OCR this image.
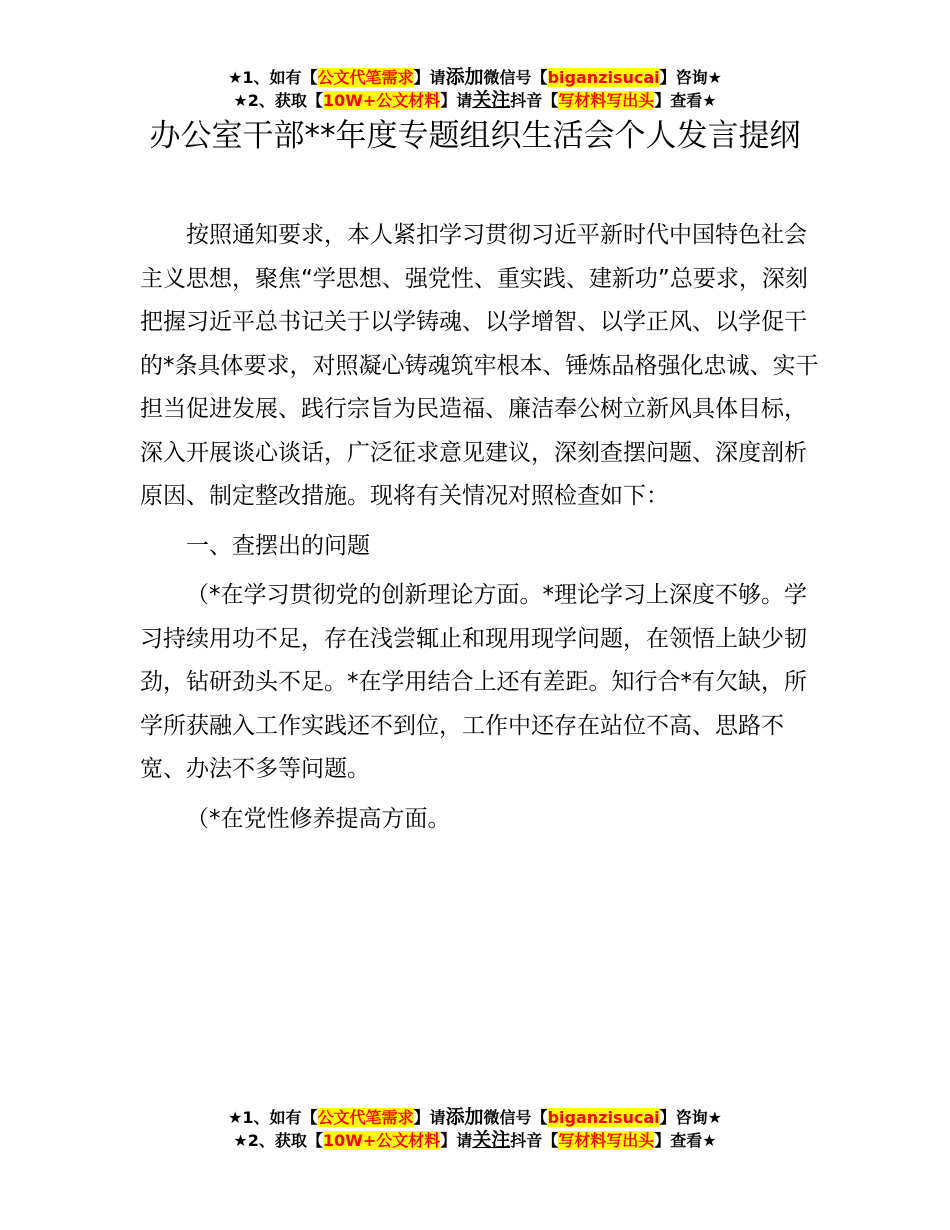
★1、如有【公文代笔需求】请添加微信号【biganzisucai】咨询★
★2、获取【10W+公文材料】请关注抖音【写材料写出头】查看★
办公室干部**年度专题组织生活会个人发言提纲

按照通知要求，本人紧扣学习贯彻习近平新时代中国特色社会主义思想，聚焦“学思想、强党性、重实践、建新功”总要求，深刻把握习近平总书记关于以学铸魂、以学增智、以学正风、以学促干的*条具体要求，对照凝心铸魂筑牢根本、锤炼品格强化忠诚、实干担当促进发展、践行宗旨为民造福、廉洁奉公树立新风具体目标，深入开展谈心谈话，广泛征求意见建议，深刻查摆问题、深度剖析原因、制定整改措施。现将有关情况对照检查如下：

一、查摆出的问题

（*在学习贯彻党的创新理论方面。*理论学习上深度不够。学习持续用功不足，存在浅尝辄止和现用现学问题，在领悟上缺少韧劲，钻研劲头不足。*在学用结合上还有差距。知行合*有欠缺，所学所获融入工作实践还不到位，工作中还存在站位不高、思路不宽、办法不多等问题。

（*在党性修养提高方面。

★1、如有【公文代笔需求】请添加微信号【biganzisucai】咨询★
★2、获取【10W+公文材料】请关注抖音【写材料写出头】查看★
